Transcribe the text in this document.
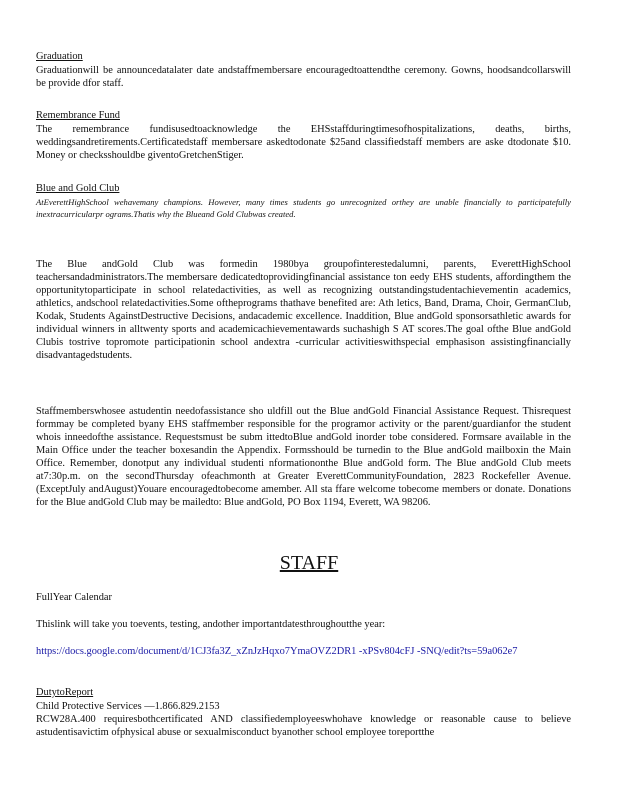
Graduation

Graduationwill be announcedatalater date andstaffmembersare encouragedtoattendthe ceremony. Gowns, hoodsandcollarswill be provide dfor staff.

Remembrance Fund

The remembrance fundisusedtoacknowledge the EHSstaffduringtimesofhospitalizations, deaths, births, weddingsandretirements.Certificatedstaff membersare askedtodonate $25and classifiedstaff members are aske dtodonate $10. Money or checksshouldbe giventoGretchenStiger.

Blue and Gold Club

AtEverettHighSchool wehavemany champions. However, many times students go unrecognized orthey are unable financially to participatefully inextracurricularpr ograms.Thatis why the Blueand Gold Clubwas created.

The Blue andGold Club was formedin 1980bya groupofinterestedalumni, parents, EverettHighSchool teachersandadministrators.The membersare dedicatedtoprovidingfinancial assistance ton eedy EHS students, affordingthem the opportunitytoparticipate in school relatedactivities, as well as recognizing outstandingstudentachievementin academics, athletics, andschool relatedactivities.Some oftheprograms thathave benefited are: Ath letics, Band, Drama, Choir, GermanClub, Kodak, Students AgainstDestructive Decisions, andacademic excellence. Inaddition, Blue andGold sponsorsathletic awards for individual winners in alltwenty sports and academicachievementawards suchashigh S AT scores.The goal ofthe Blue andGold Clubis tostrive topromote participationin school andextra -curricular activitieswithspecial emphasison assistingfinancially disadvantagedstudents.

Staffmemberswhosee astudentin needofassistance sho uldfill out the Blue andGold Financial Assistance Request. Thisrequest formmay be completed byany EHS staffmember responsible for the programor activity or the parent/guardianfor the student whois inneedofthe assistance. Requestsmust be subm ittedtoBlue andGold inorder tobe considered. Formsare available in the Main Office under the teacher boxesandin the Appendix. Formsshould be turnedin to the Blue andGold mailboxin the Main Office. Remember, donotput any individual studenti nformationonthe Blue andGold form. The Blue andGold Club meets at7:30p.m. on the secondThursday ofeachmonth at Greater EverettCommunityFoundation, 2823 Rockefeller Avenue. (ExceptJuly andAugust)Youare encouragedtobecome amember. All sta ffare welcome tobecome members or donate. Donations for the Blue andGold Club may be mailedto: Blue andGold, PO Box 1194, Everett, WA 98206.

STAFF
FullYear Calendar

Thislink will take you toevents, testing, andother importantdatesthroughoutthe year:

https://docs.google.com/document/d/1CJ3fa3Z_xZnJzHqxo7YmaOVZ2DR1 -xPSv804cFJ -SNQ/edit?ts=59a062e7
DutytoReport
Child Protective Services —1.866.829.2153

RCW28A.400 requiresbothcertificated AND classifiedemployeeswhohave knowledge or reasonable cause to believe astudentisavictim ofphysical abuse or sexualmisconduct byanother school employee toreportthe
